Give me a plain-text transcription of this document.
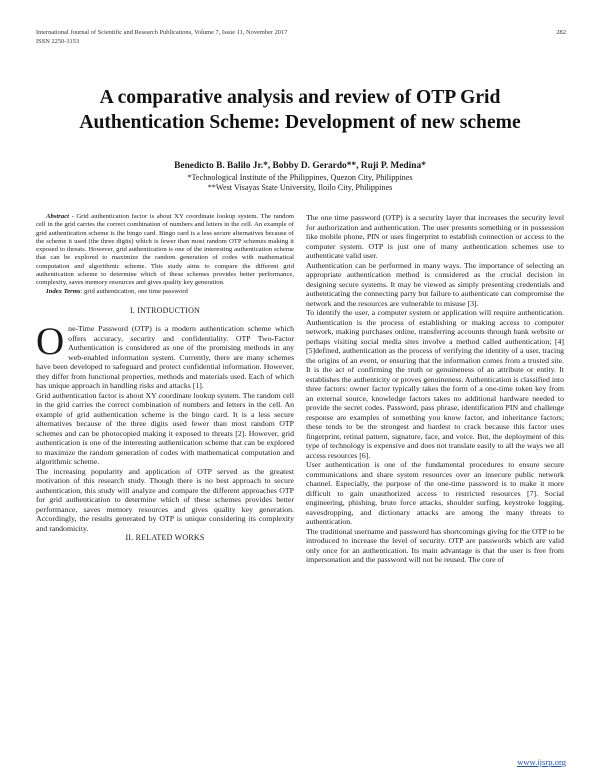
International Journal of Scientific and Research Publications, Volume 7, Issue 11, November 2017
ISSN 2250-3153
282
A comparative analysis and review of OTP Grid
Authentication Scheme: Development of new scheme
Benedicto B. Balilo Jr.*, Bobby D. Gerardo**, Ruji P. Medina*
*Technological Institute of the Philippines, Quezon City, Philippines
**West Visayas State University, Iloilo City, Philippines

Abstract - Grid authentication factor is about XY coordinate lookup system. The random cell in the grid carries the correct combination of numbers and letters in the cell. An example of grid authentication scheme is the bingo card. Bingo card is a less secure alternatives because of the scheme it used (the three digits) which is fewer than most random OTP schemes making it exposed to threats. However, grid authentication is one of the interesting authentication scheme that can be explored to maximize the random generation of codes with mathematical computation and algorithmic scheme. This study aims to compare the different grid authentication scheme to determine which of these schemes provides better performance, complexity, saves memory resources and gives quality key generation.

Index Terms: grid authentication, one time password

I. INTRODUCTION

One-Time Password (OTP) is a modern authentication scheme which offers accuracy, security and confidentiality. OTP Two-Factor Authentication is considered as one of the promising methods in any web-enabled information system. Currently, there are many schemes have been developed to safeguard and protect confidential information. However, they differ from functional properties, methods and materials used. Each of which has unique approach in handling risks and attacks [1].

Grid authentication factor is about XY coordinate lookup system. The random cell in the grid carries the correct combination of numbers and letters in the cell. An example of grid authentication scheme is the bingo card. It is a less secure alternatives because of the three digits used fewer than most random OTP schemes and can be photocopied making it exposed to threats [2]. However, grid authentication is one of the interesting authentication scheme that can be explored to maximize the random generation of codes with mathematical computation and algorithmic scheme.

The increasing popularity and application of OTP served as the greatest motivation of this research study. Though there is no best approach to secure authentication, this study will analyze and compare the different approaches OTP for grid authentication to determine which of these schemes provides better performance, saves memory resources and gives quality key generation. Accordingly, the results generated by OTP is unique considering its complexity and randomicity.

II. RELATED WORKS

The one time password (OTP) is a security layer that increases the security level for authorization and authentication. The user presents something or in possession like mobile phone, PIN or uses fingerprint to establish connection or access to the computer system. OTP is just one of many authentication schemes use to authenticate valid user.

Authentication can be performed in many ways. The importance of selecting an appropriate authentication method is considered as the crucial decision in designing secure systems. It may be viewed as simply presenting credentials and authenticating the connecting party but failure to authenticate can compromise the network and the resources are vulnerable to misuse [3].

To identify the user, a computer system or application will require authentication. Authentication is the process of establishing or making access to computer network, making purchases online, transferring accounts through bank website or perhaps visiting social media sites involve a method called authentication; [4][5]defined, authentication as the process of verifying the identity of a user, tracing the origins of an event, or ensuring that the information comes from a trusted site. It is the act of confirming the truth or genuineness of an attribute or entity. It establishes the authenticity or proves genuineness. Authentication is classified into three factors: owner factor typically takes the form of a one-time token key from an external source, knowledge factors takes no additional hardware needed to provide the secret codes. Password, pass phrase, identification PIN and challenge response are examples of something you know factor, and inheritance factors; these tends to be the strongest and hardest to crack because this factor uses fingerprint, retinal pattern, signature, face, and voice. But, the deployment of this type of technology is expensive and does not translate easily to all the ways we all access resources [6].

User authentication is one of the fundamental procedures to ensure secure communications and share system resources over an insecure public network channel. Especially, the purpose of the one-time password is to make it more difficult to gain unauthorized access to restricted resources [7]. Social engineering, phishing, brute force attacks, shoulder surfing, keystroke logging, eavesdropping, and dictionary attacks are among the many threats to authentication.

The traditional username and password has shortcomings giving for the OTP to be introduced to increase the level of security. OTP are passwords which are valid only once for an authentication. Its main advantage is that the user is free from impersonation and the password will not be reused. The core of

www.ijsrp.org
